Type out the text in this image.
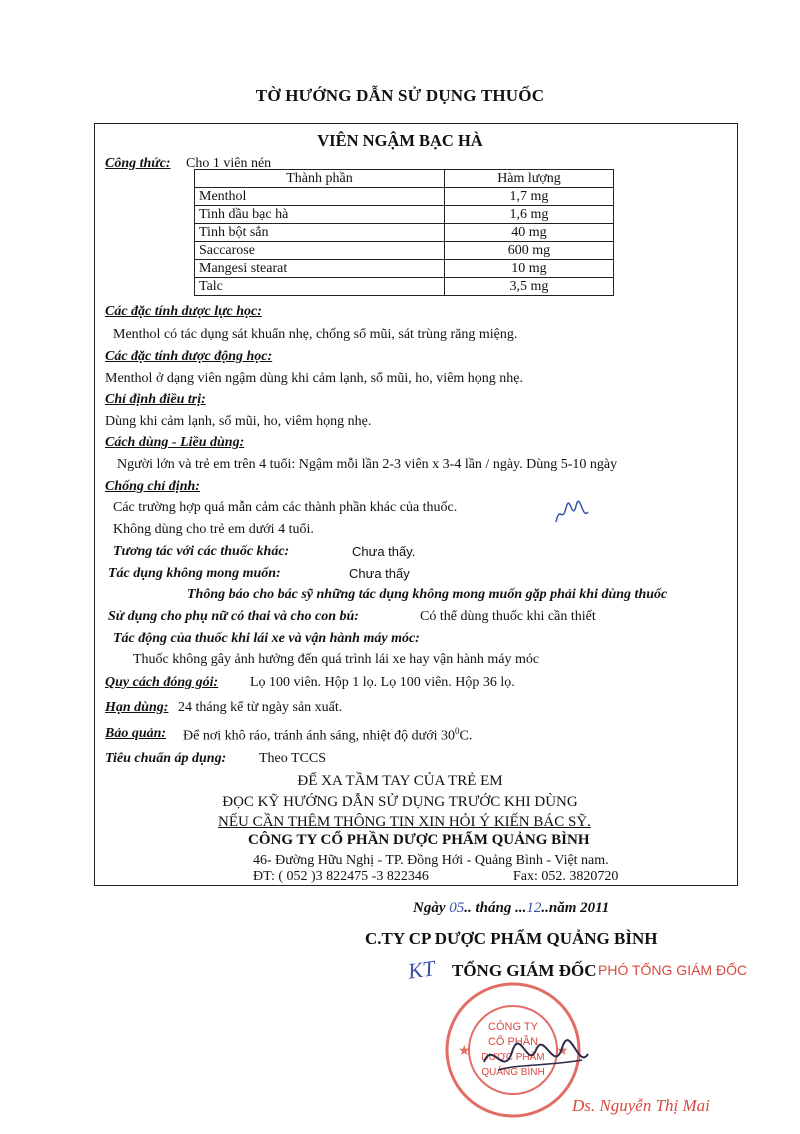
TỜ HƯỚNG DẪN SỬ DỤNG THUỐC
VIÊN NGẬM BẠC HÀ
Công thức: Cho 1 viên nén
Thành phần	Hàm lượng
Menthol	1,7 mg
Tinh dầu bạc hà	1,6 mg
Tinh bột sắn	40 mg
Saccarose	600 mg
Mangesi stearat	10 mg
Talc	3,5 mg
Các đặc tính dược lực học:
Menthol có tác dụng sát khuẩn nhẹ, chống sổ mũi, sát trùng răng miệng.
Các đặc tính dược động học:
Menthol ở dạng viên ngậm dùng khi cảm lạnh, sổ mũi, ho, viêm họng nhẹ.
Chỉ định điều trị:
Dùng khi cảm lạnh, sổ mũi, ho, viêm họng nhẹ.
Cách dùng - Liều dùng:
Người lớn và trẻ em trên 4 tuổi: Ngậm mỗi lần 2-3 viên x 3-4 lần / ngày. Dùng 5-10 ngày
Chống chỉ định:
Các trường hợp quá mẫn cảm các thành phần khác của thuốc.
Không dùng cho trẻ em dưới 4 tuổi.
Tương tác với các thuốc khác:	Chưa thấy.
Tác dụng không mong muốn:	Chưa thấy
Thông báo cho bác sỹ những tác dụng không mong muốn gặp phải khi dùng thuốc
Sử dụng cho phụ nữ có thai và cho con bú:	Có thể dùng thuốc khi cần thiết
Tác động của thuốc khi lái xe và vận hành máy móc:
Thuốc không gây ảnh hưởng đến quá trình lái xe hay vận hành máy móc
Quy cách đóng gói: Lọ 100 viên. Hộp 1 lọ. Lọ 100 viên. Hộp 36 lọ.
Hạn dùng: 24 tháng kể từ ngày sản xuất.
Bảo quản: Để nơi khô ráo, tránh ánh sáng, nhiệt độ dưới $30^0C$.
Tiêu chuẩn áp dụng: Theo TCCS
ĐỂ XA TẦM TAY CỦA TRẺ EM
ĐỌC KỸ HƯỚNG DẪN SỬ DỤNG TRƯỚC KHI DÙNG
NẾU CẦN THÊM THÔNG TIN XIN HỎI Ý KIẾN BÁC SỸ.
CÔNG TY CỔ PHẦN DƯỢC PHẨM QUẢNG BÌNH
46- Đường Hữu Nghị - TP. Đồng Hới - Quảng Bình - Việt nam.
ĐT: ( 052 )3 822475 -3 822346	Fax: 052. 3820720
Ngày 05.. tháng ...12..năm 2011
C.TY CP DƯỢC PHẨM QUẢNG BÌNH
KT TỔNG GIÁM ĐỐC PHÓ TỔNG GIÁM ĐỐC
CÔNG TY
CỔ PHẦN
DƯỢC PHẨM
QUẢNG BÌNH
★	★
Ds. Nguyễn Thị Mai
